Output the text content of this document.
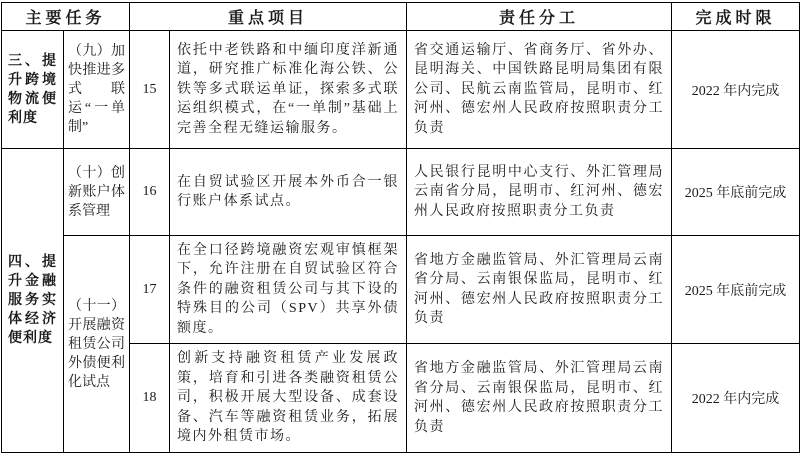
主要任务		重点项目		责任分工	完成时限
三、提升跨境物流便利度	（九）加快推进多式联运“一单制”	15	依托中老铁路和中缅印度洋新通道，研究推广标准化海公铁、公铁等多式联运单证，探索多式联运组织模式，在“一单制”基础上完善全程无缝运输服务。	省交通运输厅、省商务厅、省外办、昆明海关、中国铁路昆明局集团有限公司、民航云南监管局，昆明市、红河州、德宏州人民政府按照职责分工负责	2022 年内完成
四、提升金融服务实体经济便利度	（十）创新账户体系管理	16	在自贸试验区开展本外币合一银行账户体系试点。	人民银行昆明中心支行、外汇管理局云南省分局，昆明市、红河州、德宏州人民政府按照职责分工负责	2025 年底前完成
	（十一）开展融资租赁公司外债便利化试点	17	在全口径跨境融资宏观审慎框架下，允许注册在自贸试验区符合条件的融资租赁公司与其下设的特殊目的公司（SPV）共享外债额度。	省地方金融监管局、外汇管理局云南省分局、云南银保监局，昆明市、红河州、德宏州人民政府按照职责分工负责	2025 年底前完成
		18	创新支持融资租赁产业发展政策，培育和引进各类融资租赁公司，积极开展大型设备、成套设备、汽车等融资租赁业务，拓展境内外租赁市场。	省地方金融监管局、外汇管理局云南省分局、云南银保监局，昆明市、红河州、德宏州人民政府按照职责分工负责	2022 年内完成
